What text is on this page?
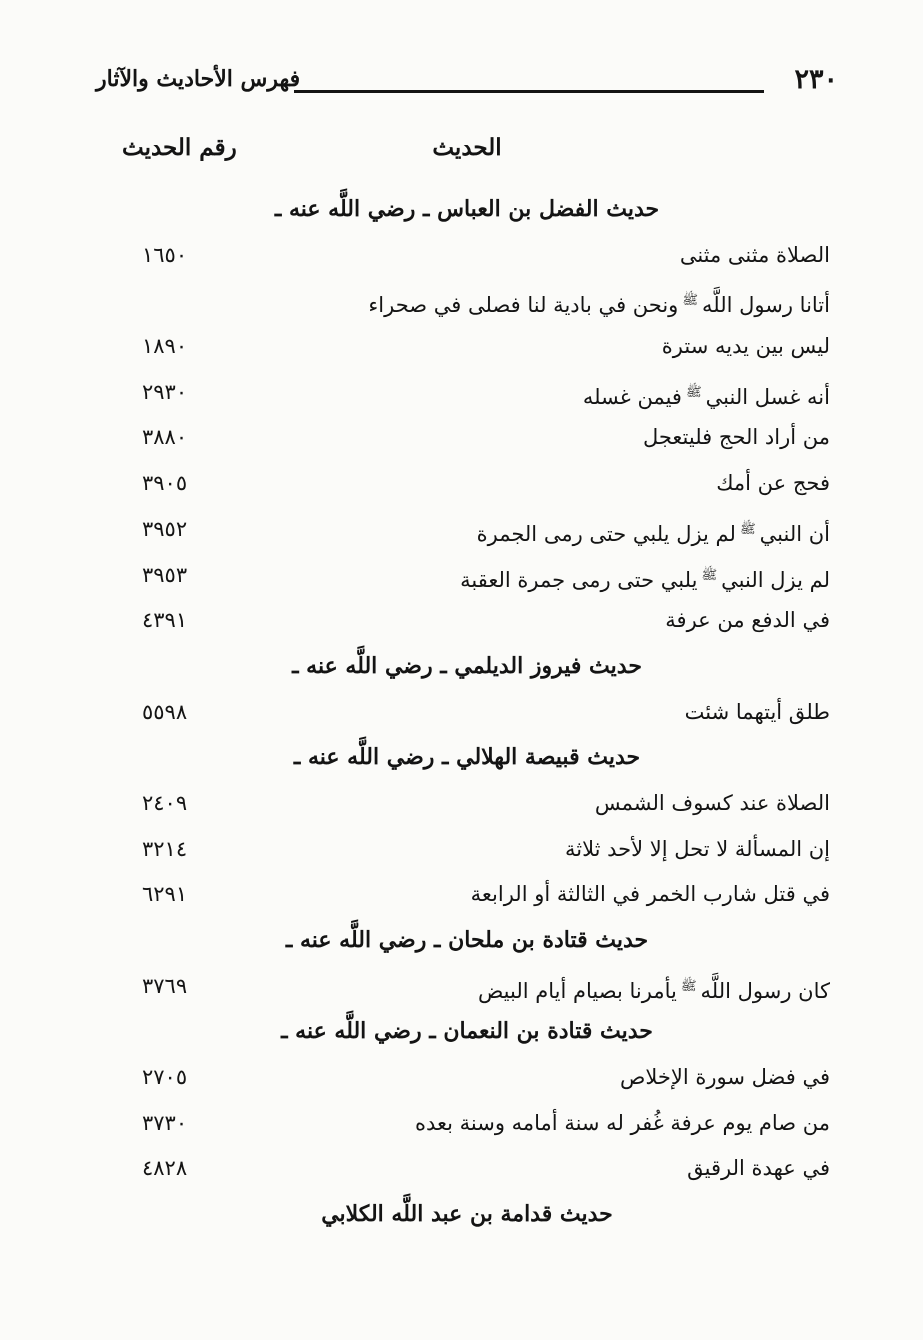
٢٣٠
فهرس الأحاديث والآثار
الحديث
رقم الحديث
حديث الفضل بن العباس ـ رضي اللَّه عنه ـ
الصلاة مثنى مثنى
١٦٥٠
أتانا رسول اللَّهﷺونحن في بادية لنا فصلى في صحراء
ليس بين يديه سترة
١٨٩٠
أنه غسل النبيﷺفيمن غسله
٢٩٣٠
من أراد الحج فليتعجل
٣٨٨٠
فحج عن أمك
٣٩٠٥
أن النبيﷺلم يزل يلبي حتى رمى الجمرة
٣٩٥٢
لم يزل النبيﷺيلبي حتى رمى جمرة العقبة
٣٩٥٣
في الدفع من عرفة
٤٣٩١
حديث فيروز الديلمي ـ رضي اللَّه عنه ـ
طلق أيتهما شئت
٥٥٩٨
حديث قبيصة الهلالي ـ رضي اللَّه عنه ـ
الصلاة عند كسوف الشمس
٢٤٠٩
إن المسألة لا تحل إلا لأحد ثلاثة
٣٢١٤
في قتل شارب الخمر في الثالثة أو الرابعة
٦٢٩١
حديث قتادة بن ملحان ـ رضي اللَّه عنه ـ
كان رسول اللَّهﷺيأمرنا بصيام أيام البيض
٣٧٦٩
حديث قتادة بن النعمان ـ رضي اللَّه عنه ـ
في فضل سورة الإخلاص
٢٧٠٥
من صام يوم عرفة غُفر له سنة أمامه وسنة بعده
٣٧٣٠
في عهدة الرقيق
٤٨٢٨
حديث قدامة بن عبد اللَّه الكلابي
